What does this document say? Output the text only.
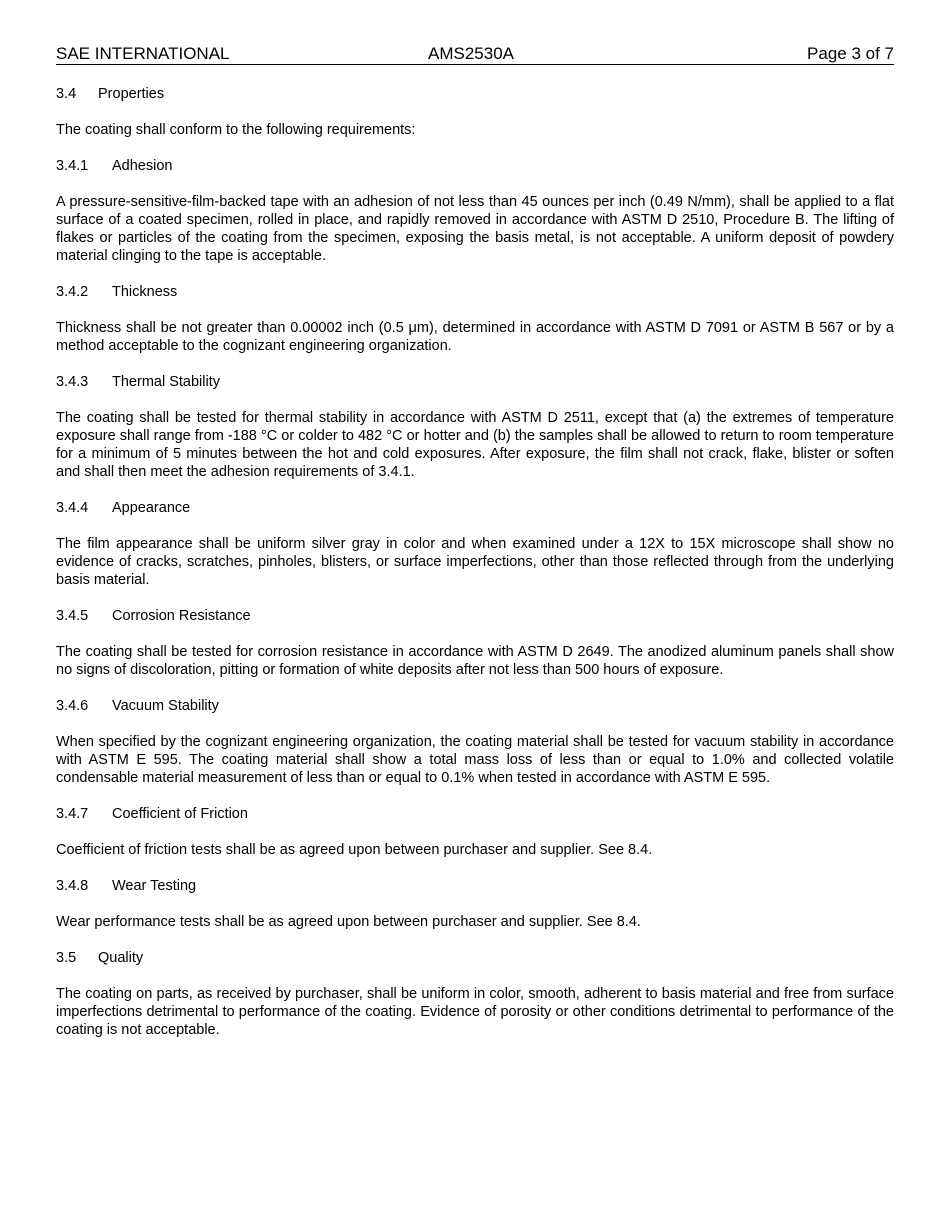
SAE INTERNATIONAL	AMS2530A	Page 3 of 7

3.4 Properties

The coating shall conform to the following requirements:

3.4.1 Adhesion

A pressure-sensitive-film-backed tape with an adhesion of not less than 45 ounces per inch (0.49 N/mm), shall be applied to a flat surface of a coated specimen, rolled in place, and rapidly removed in accordance with ASTM D 2510, Procedure B. The lifting of flakes or particles of the coating from the specimen, exposing the basis metal, is not acceptable. A uniform deposit of powdery material clinging to the tape is acceptable.

3.4.2 Thickness

Thickness shall be not greater than 0.00002 inch (0.5 μm), determined in accordance with ASTM D 7091 or ASTM B 567 or by a method acceptable to the cognizant engineering organization.

3.4.3 Thermal Stability

The coating shall be tested for thermal stability in accordance with ASTM D 2511, except that (a) the extremes of temperature exposure shall range from -188 °C or colder to 482 °C or hotter and (b) the samples shall be allowed to return to room temperature for a minimum of 5 minutes between the hot and cold exposures. After exposure, the film shall not crack, flake, blister or soften and shall then meet the adhesion requirements of 3.4.1.

3.4.4 Appearance

The film appearance shall be uniform silver gray in color and when examined under a 12X to 15X microscope shall show no evidence of cracks, scratches, pinholes, blisters, or surface imperfections, other than those reflected through from the underlying basis material.

3.4.5 Corrosion Resistance

The coating shall be tested for corrosion resistance in accordance with ASTM D 2649. The anodized aluminum panels shall show no signs of discoloration, pitting or formation of white deposits after not less than 500 hours of exposure.

3.4.6 Vacuum Stability

When specified by the cognizant engineering organization, the coating material shall be tested for vacuum stability in accordance with ASTM E 595. The coating material shall show a total mass loss of less than or equal to 1.0% and collected volatile condensable material measurement of less than or equal to 0.1% when tested in accordance with ASTM E 595.

3.4.7 Coefficient of Friction

Coefficient of friction tests shall be as agreed upon between purchaser and supplier. See 8.4.

3.4.8 Wear Testing

Wear performance tests shall be as agreed upon between purchaser and supplier. See 8.4.

3.5 Quality

The coating on parts, as received by purchaser, shall be uniform in color, smooth, adherent to basis material and free from surface imperfections detrimental to performance of the coating. Evidence of porosity or other conditions detrimental to performance of the coating is not acceptable.
